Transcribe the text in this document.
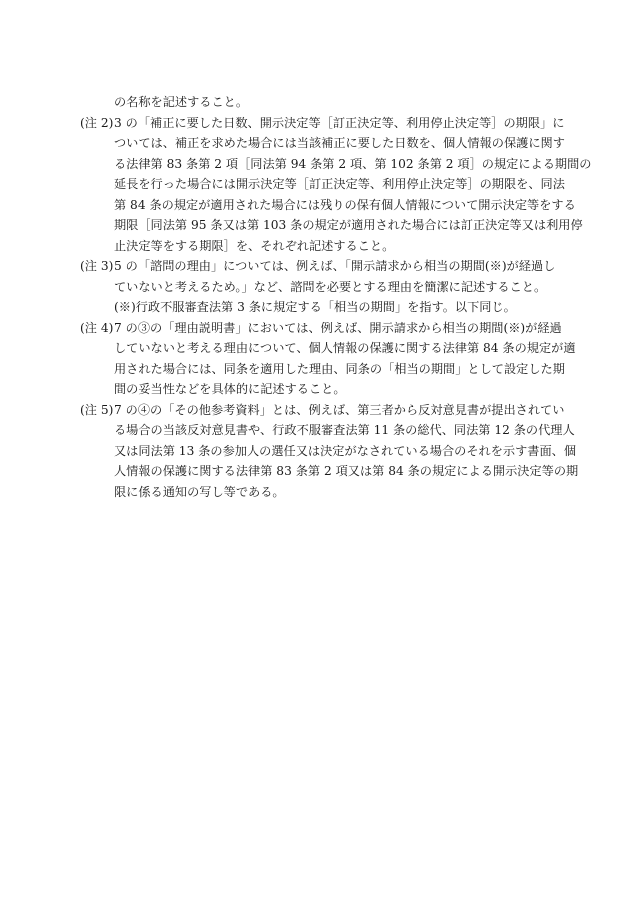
の名称を記述すること。
(注 2) 3 の「補正に要した日数、開示決定等［訂正決定等、利用停止決定等］の期限」に
ついては、補正を求めた場合には当該補正に要した日数を、個人情報の保護に関す
る法律第 83 条第 2 項［同法第 94 条第 2 項、第 102 条第 2 項］の規定による期間の
延長を行った場合には開示決定等［訂正決定等、利用停止決定等］の期限を、同法
第 84 条の規定が適用された場合には残りの保有個人情報について開示決定等をする
期限［同法第 95 条又は第 103 条の規定が適用された場合には訂正決定等又は利用停
止決定等をする期限］を、それぞれ記述すること。
(注 3) 5 の「諮問の理由」については、例えば、「開示請求から相当の期間(※)が経過し
ていないと考えるため。」など、諮問を必要とする理由を簡潔に記述すること。
(※)行政不服審査法第 3 条に規定する「相当の期間」を指す。以下同じ。
(注 4) 7 の③の「理由説明書」においては、例えば、開示請求から相当の期間(※)が経過
していないと考える理由について、個人情報の保護に関する法律第 84 条の規定が適
用された場合には、同条を適用した理由、同条の「相当の期間」として設定した期
間の妥当性などを具体的に記述すること。
(注 5) 7 の④の「その他参考資料」とは、例えば、第三者から反対意見書が提出されてい
る場合の当該反対意見書や、行政不服審査法第 11 条の総代、同法第 12 条の代理人
又は同法第 13 条の参加人の選任又は決定がなされている場合のそれを示す書面、個
人情報の保護に関する法律第 83 条第 2 項又は第 84 条の規定による開示決定等の期
限に係る通知の写し等である。
